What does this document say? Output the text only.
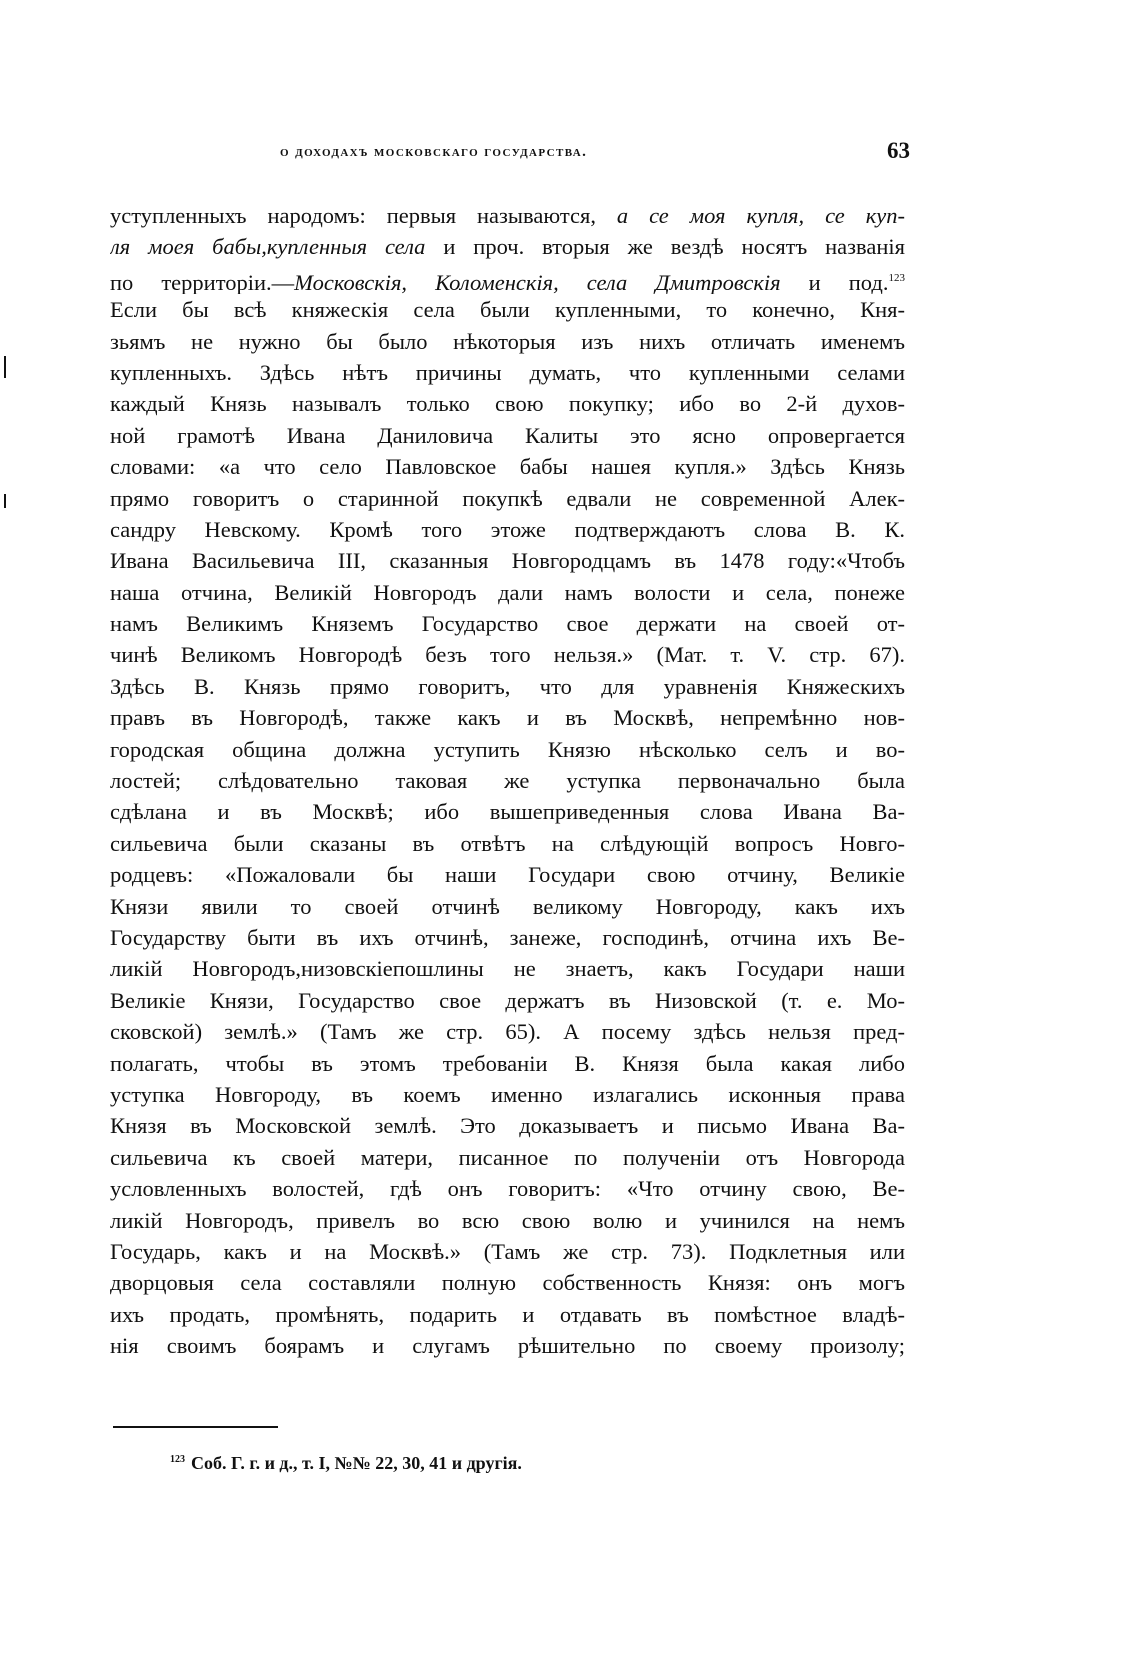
о доходахъ московскаго государства.	63
уступленныхъ народомъ: первыя называются, а се моя купля, се куп-
ля моея бабы,купленныя села и проч. вторыя же вездѣ носятъ названія
по территоріи.—Московскія, Коломенскія, села Дмитровскія и под.$^{123}$
Если бы всѣ княжескія села были купленными, то конечно, Кня-
зьямъ не нужно бы было нѣкоторыя изъ нихъ отличать именемъ
купленныхъ. Здѣсь нѣтъ причины думать, что купленными селами
каждый Князь называлъ только свою покупку; ибо во 2-й духов-
ной грамотѣ Ивана Даниловича Калиты это ясно опровергается
словами: «а что село Павловское бабы нашея купля.» Здѣсь Князь
прямо говоритъ о старинной покупкѣ едвали не современной Алек-
сандру Невскому. Кромѣ того этоже подтверждаютъ слова В. К.
Ивана Васильевича III, сказанныя Новгородцамъ въ 1478 году:«Чтобъ
наша отчина, Великій Новгородъ дали намъ волости и села, понеже
намъ Великимъ Княземъ Государство свое держати на своей от-
чинѣ Великомъ Новгородѣ безъ того нельзя.» (Мат. т. V. стр. 67).
Здѣсь В. Князь прямо говоритъ, что для уравненія Княжескихъ
правъ въ Новгородѣ, также какъ и въ Москвѣ, непремѣнно нов-
городская община должна уступить Князю нѣсколько селъ и во-
лостей; слѣдовательно таковая же уступка первоначально была
сдѣлана и въ Москвѣ; ибо вышеприведенныя слова Ивана Ва-
сильевича были сказаны въ отвѣтъ на слѣдующій вопросъ Новго-
родцевъ: «Пожаловали бы наши Государи свою отчину, Великіе
Князи явили то своей отчинѣ великому Новгороду, какъ ихъ
Государству быти въ ихъ отчинѣ, занеже, господинѣ, отчина ихъ Ве-
ликій Новгородъ,низовскіепошлины не знаетъ, какъ Государи наши
Великіе Князи, Государство свое держатъ въ Низовской (т. е. Мо-
сковской) землѣ.» (Тамъ же стр. 65). А посему здѣсь нельзя пред-
полагать, чтобы въ этомъ требованіи В. Князя была какая либо
уступка Новгороду, въ коемъ именно излагались исконныя права
Князя въ Московской землѣ. Это доказываетъ и письмо Ивана Ва-
сильевича къ своей матери, писанное по полученіи отъ Новгорода
условленныхъ волостей, гдѣ онъ говоритъ: «Что отчину свою, Ве-
ликій Новгородъ, привелъ во всю свою волю и учинился на немъ
Государь, какъ и на Москвѣ.» (Тамъ же стр. 73). Подклетныя или
дворцовыя села составляли полную собственность Князя: онъ могъ
ихъ продать, промѣнять, подарить и отдавать въ помѣстное владѣ-
нія своимъ боярамъ и слугамъ рѣшительно по своему произолу;
$^{123}$ Соб. Г. г. и д., т. I, №№ 22, 30, 41 и другія.
